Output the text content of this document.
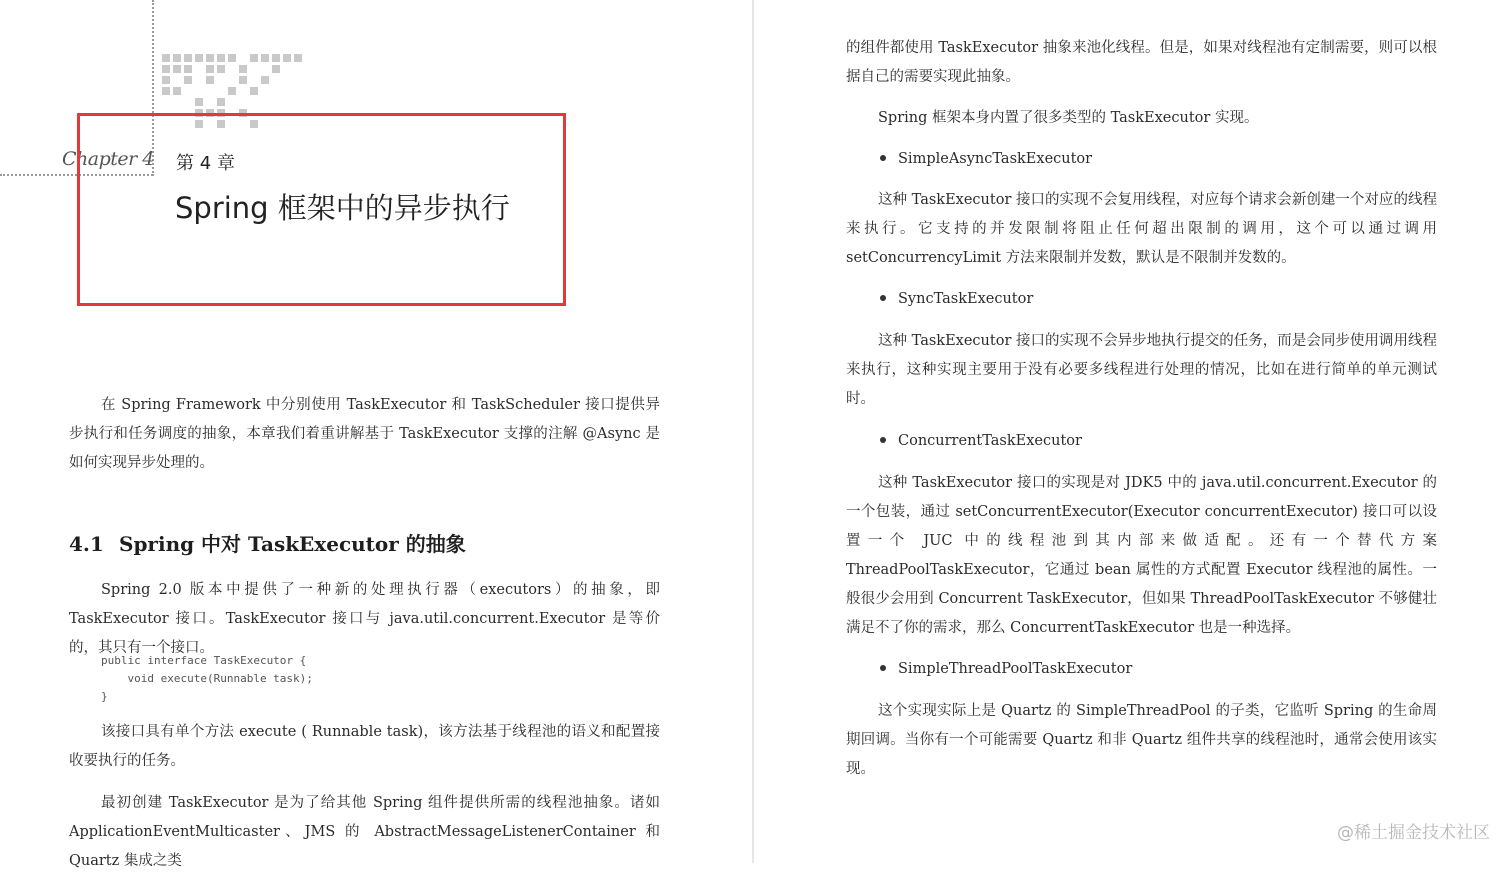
Chapter 4 第 4 章
Spring 框架中的异步执行
在 Spring Framework 中分别使用 TaskExecutor 和 TaskScheduler 接口提供异步执行和任务调度的抽象，本章我们着重讲解基于 TaskExecutor 支撑的注解 @Async 是如何实现异步处理的。
4.1 Spring 中对 TaskExecutor 的抽象
Spring 2.0 版本中提供了一种新的处理执行器（executors）的抽象，即 TaskExecutor 接口。TaskExecutor 接口与 java.util.concurrent.Executor 是等价的，其只有一个接口。
public interface TaskExecutor {
void execute(Runnable task);
}
该接口具有单个方法 execute ( Runnable task)，该方法基于线程池的语义和配置接收要执行的任务。
最初创建 TaskExecutor 是为了给其他 Spring 组件提供所需的线程池抽象。诸如 ApplicationEventMulticaster、JMS 的 AbstractMessageListenerContainer 和 Quartz 集成之类
的组件都使用 TaskExecutor 抽象来池化线程。但是，如果对线程池有定制需要，则可以根据自己的需要实现此抽象。
Spring 框架本身内置了很多类型的 TaskExecutor 实现。
SimpleAsyncTaskExecutor
这种 TaskExecutor 接口的实现不会复用线程，对应每个请求会新创建一个对应的线程来执行。它支持的并发限制将阻止任何超出限制的调用，这个可以通过调用 setConcurrencyLimit 方法来限制并发数，默认是不限制并发数的。
SyncTaskExecutor
这种 TaskExecutor 接口的实现不会异步地执行提交的任务，而是会同步使用调用线程来执行，这种实现主要用于没有必要多线程进行处理的情况，比如在进行简单的单元测试时。
ConcurrentTaskExecutor
这种 TaskExecutor 接口的实现是对 JDK5 中的 java.util.concurrent.Executor 的一个包装，通过 setConcurrentExecutor(Executor concurrentExecutor) 接口可以设置一个 JUC 中的线程池到其内部来做适配。还有一个替代方案 ThreadPoolTaskExecutor，它通过 bean 属性的方式配置 Executor 线程池的属性。一般很少会用到 Concurrent TaskExecutor，但如果 ThreadPoolTaskExecutor 不够健壮满足不了你的需求，那么 ConcurrentTaskExecutor 也是一种选择。
SimpleThreadPoolTaskExecutor
这个实现实际上是 Quartz 的 SimpleThreadPool 的子类，它监听 Spring 的生命周期回调。当你有一个可能需要 Quartz 和非 Quartz 组件共享的线程池时，通常会使用该实现。
@稀土掘金技术社区
